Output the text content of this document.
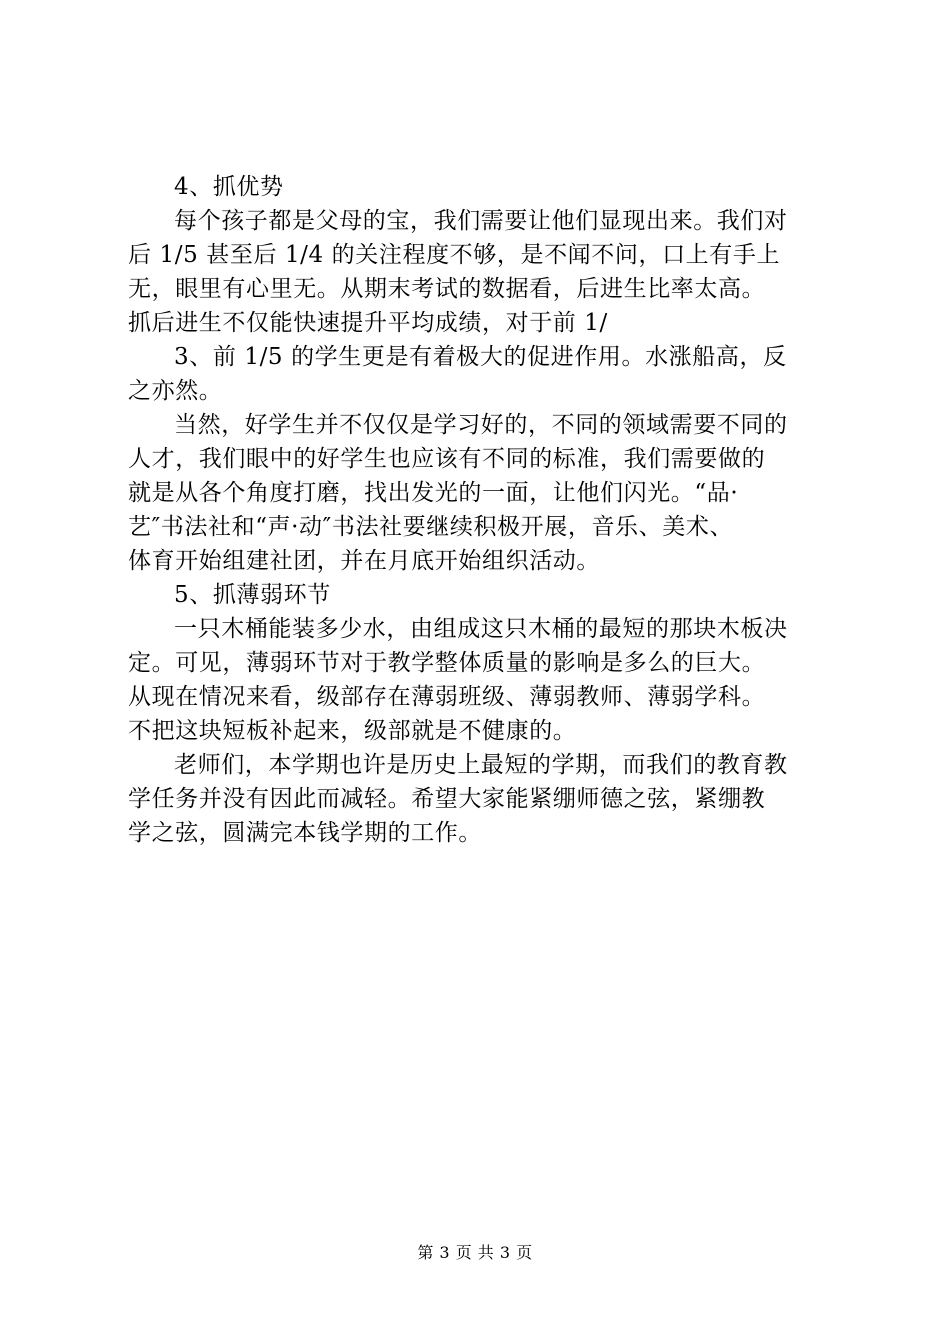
4、抓优势
每个孩子都是父母的宝，我们需要让他们显现出来。我们对
后 1/5 甚至后 1/4 的关注程度不够，是不闻不问，口上有手上
无，眼里有心里无。从期末考试的数据看，后进生比率太高。
抓后进生不仅能快速提升平均成绩，对于前 1/
3、前 1/5 的学生更是有着极大的促进作用。水涨船高，反
之亦然。
当然，好学生并不仅仅是学习好的，不同的领域需要不同的
人才，我们眼中的好学生也应该有不同的标准，我们需要做的
就是从各个角度打磨，找出发光的一面，让他们闪光。“品·
艺″书法社和“声·动″书法社要继续积极开展，音乐、美术、
体育开始组建社团，并在月底开始组织活动。
5、抓薄弱环节
一只木桶能装多少水，由组成这只木桶的最短的那块木板决
定。可见，薄弱环节对于教学整体质量的影响是多么的巨大。
从现在情况来看，级部存在薄弱班级、薄弱教师、薄弱学科。
不把这块短板补起来，级部就是不健康的。
老师们，本学期也许是历史上最短的学期，而我们的教育教
学任务并没有因此而减轻。希望大家能紧绷师德之弦，紧绷教
学之弦，圆满完本钱学期的工作。
第 3 页 共 3 页
